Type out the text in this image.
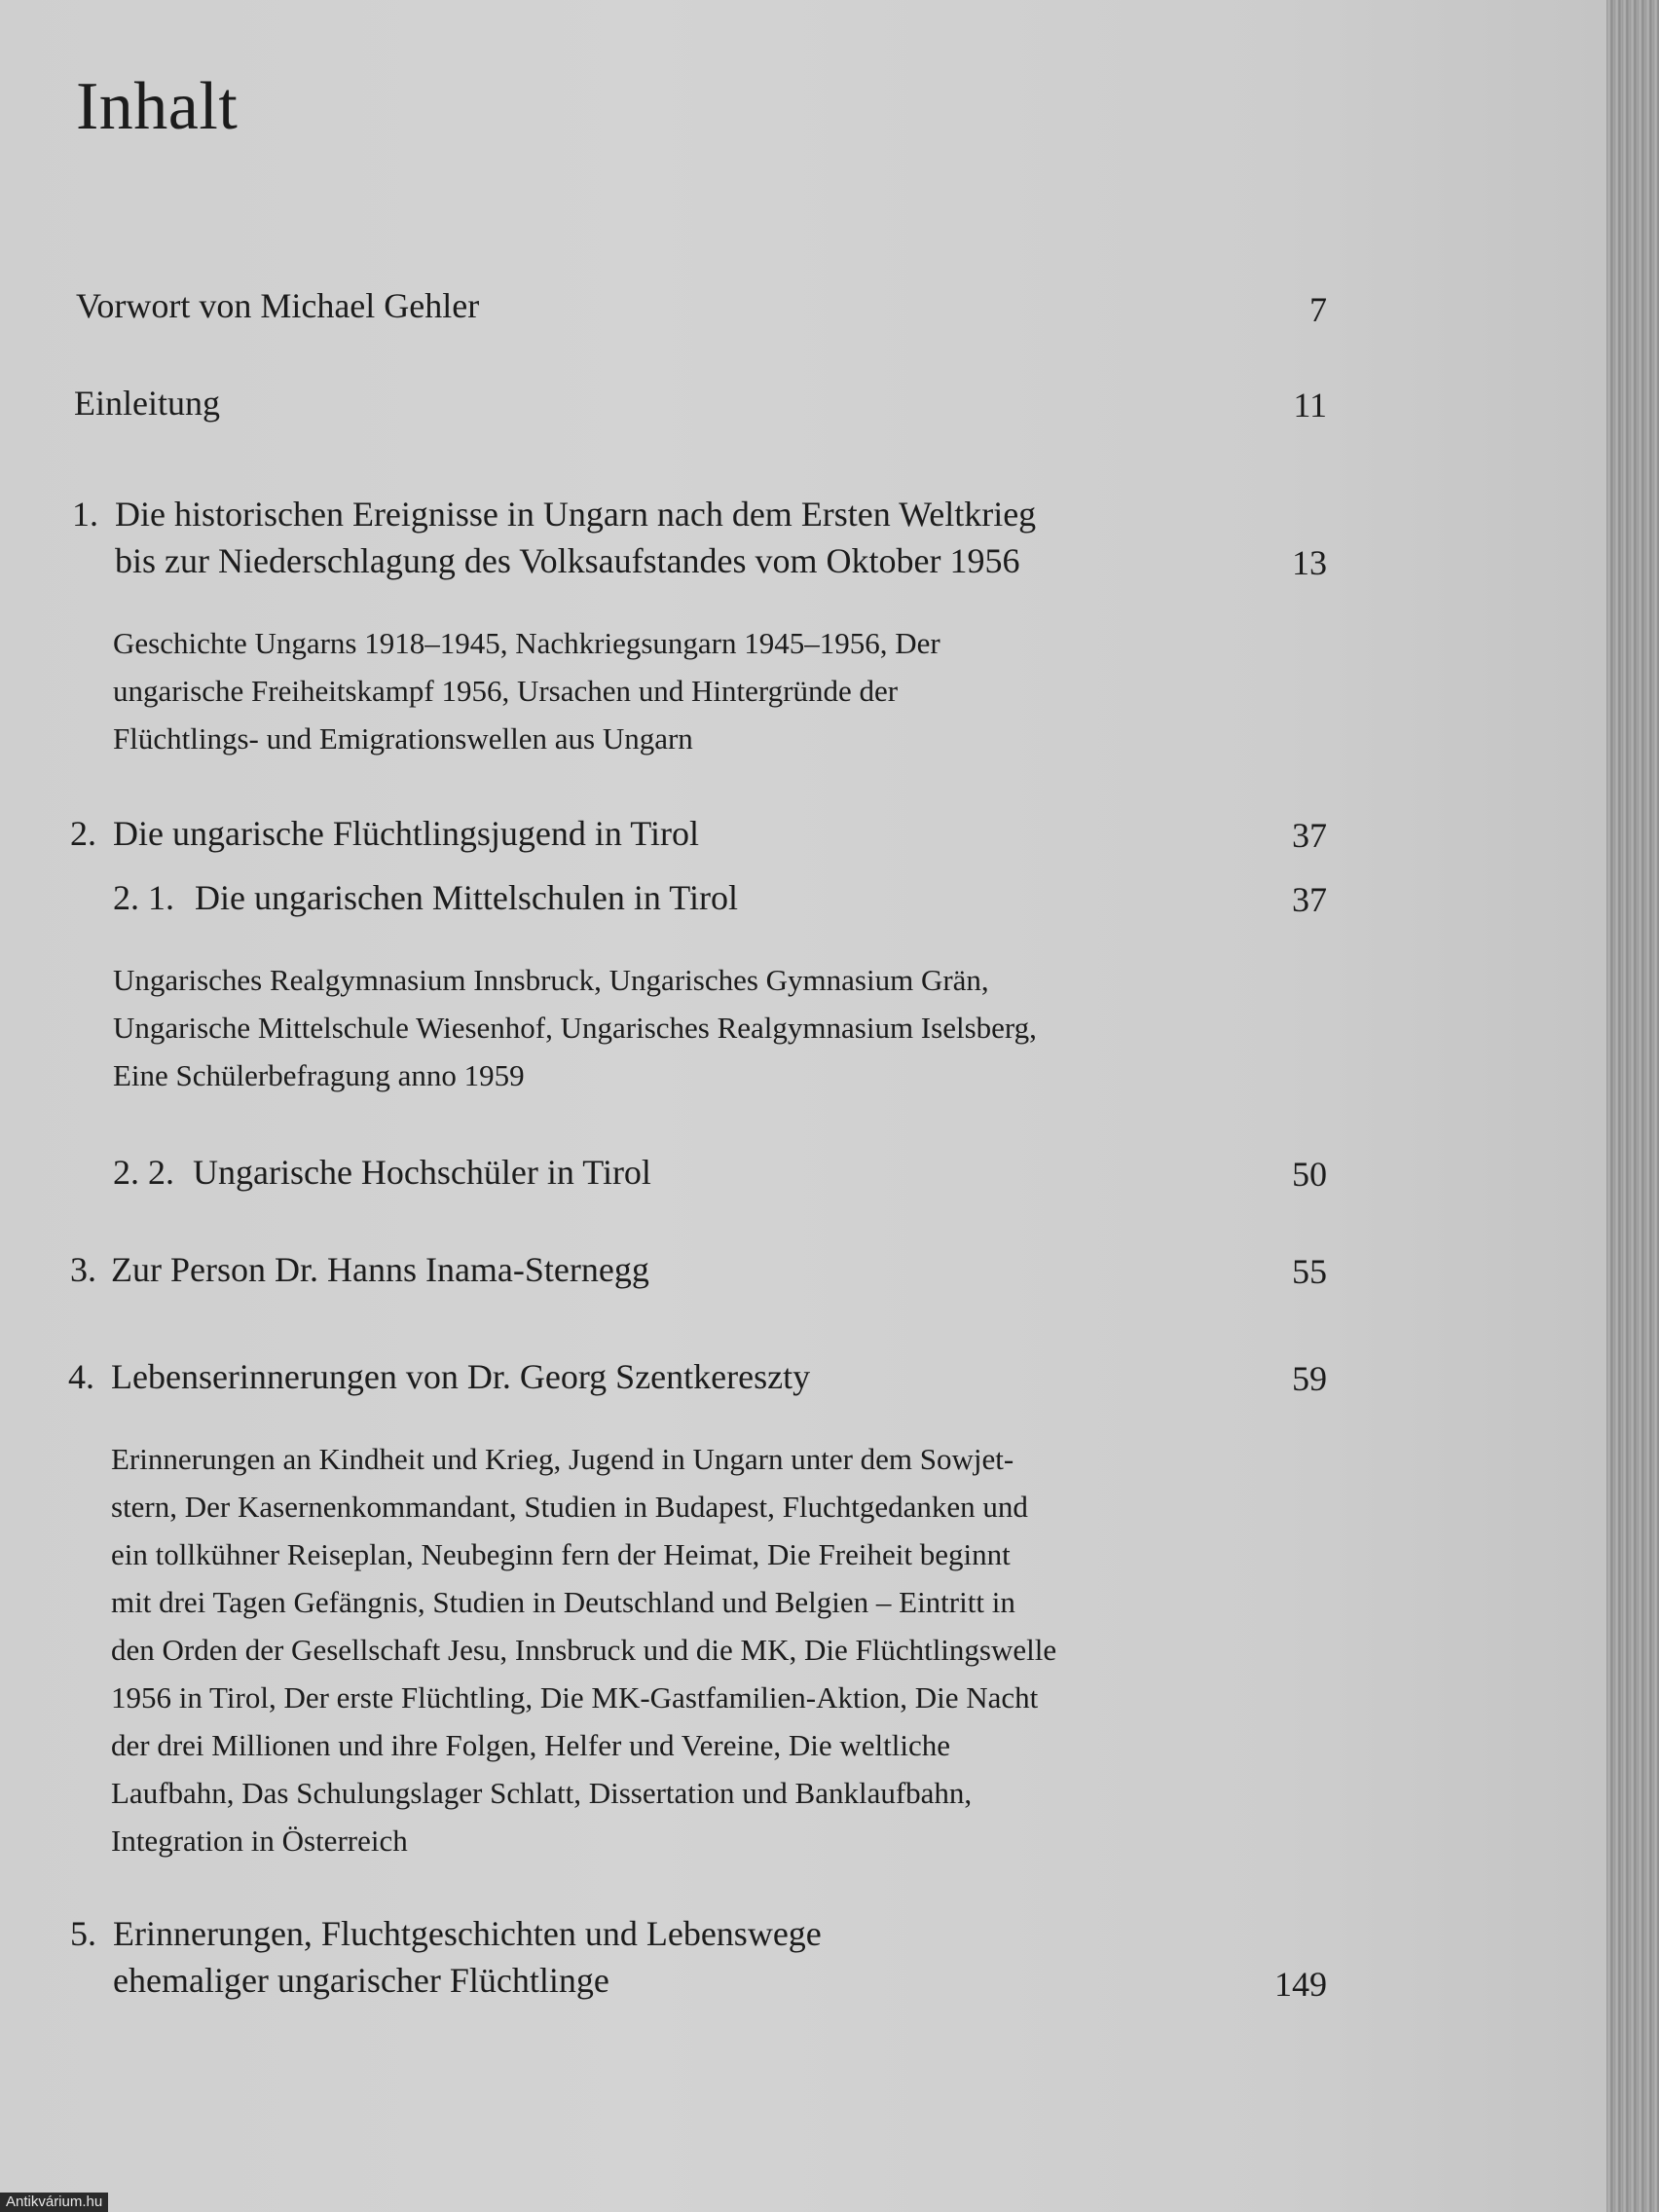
Inhalt
Vorwort von Michael Gehler	7
Einleitung	11
1. Die historischen Ereignisse in Ungarn nach dem Ersten Weltkrieg
bis zur Niederschlagung des Volksaufstandes vom Oktober 1956	13
Geschichte Ungarns 1918–1945, Nachkriegsungarn 1945–1956, Der
ungarische Freiheitskampf 1956, Ursachen und Hintergründe der
Flüchtlings- und Emigrationswellen aus Ungarn
2. Die ungarische Flüchtlingsjugend in Tirol	37
2. 1. Die ungarischen Mittelschulen in Tirol	37
Ungarisches Realgymnasium Innsbruck, Ungarisches Gymnasium Grän,
Ungarische Mittelschule Wiesenhof, Ungarisches Realgymnasium Iselsberg,
Eine Schülerbefragung anno 1959
2. 2. Ungarische Hochschüler in Tirol	50
3. Zur Person Dr. Hanns Inama-Sternegg	55
4. Lebenserinnerungen von Dr. Georg Szentkereszty	59
Erinnerungen an Kindheit und Krieg, Jugend in Ungarn unter dem Sowjet-
stern, Der Kasernenkommandant, Studien in Budapest, Fluchtgedanken und
ein tollkühner Reiseplan, Neubeginn fern der Heimat, Die Freiheit beginnt
mit drei Tagen Gefängnis, Studien in Deutschland und Belgien – Eintritt in
den Orden der Gesellschaft Jesu, Innsbruck und die MK, Die Flüchtlingswelle
1956 in Tirol, Der erste Flüchtling, Die MK-Gastfamilien-Aktion, Die Nacht
der drei Millionen und ihre Folgen, Helfer und Vereine, Die weltliche
Laufbahn, Das Schulungslager Schlatt, Dissertation und Banklaufbahn,
Integration in Österreich
5. Erinnerungen, Fluchtgeschichten und Lebenswege
ehemaliger ungarischer Flüchtlinge	149
Antikvárium.hu
